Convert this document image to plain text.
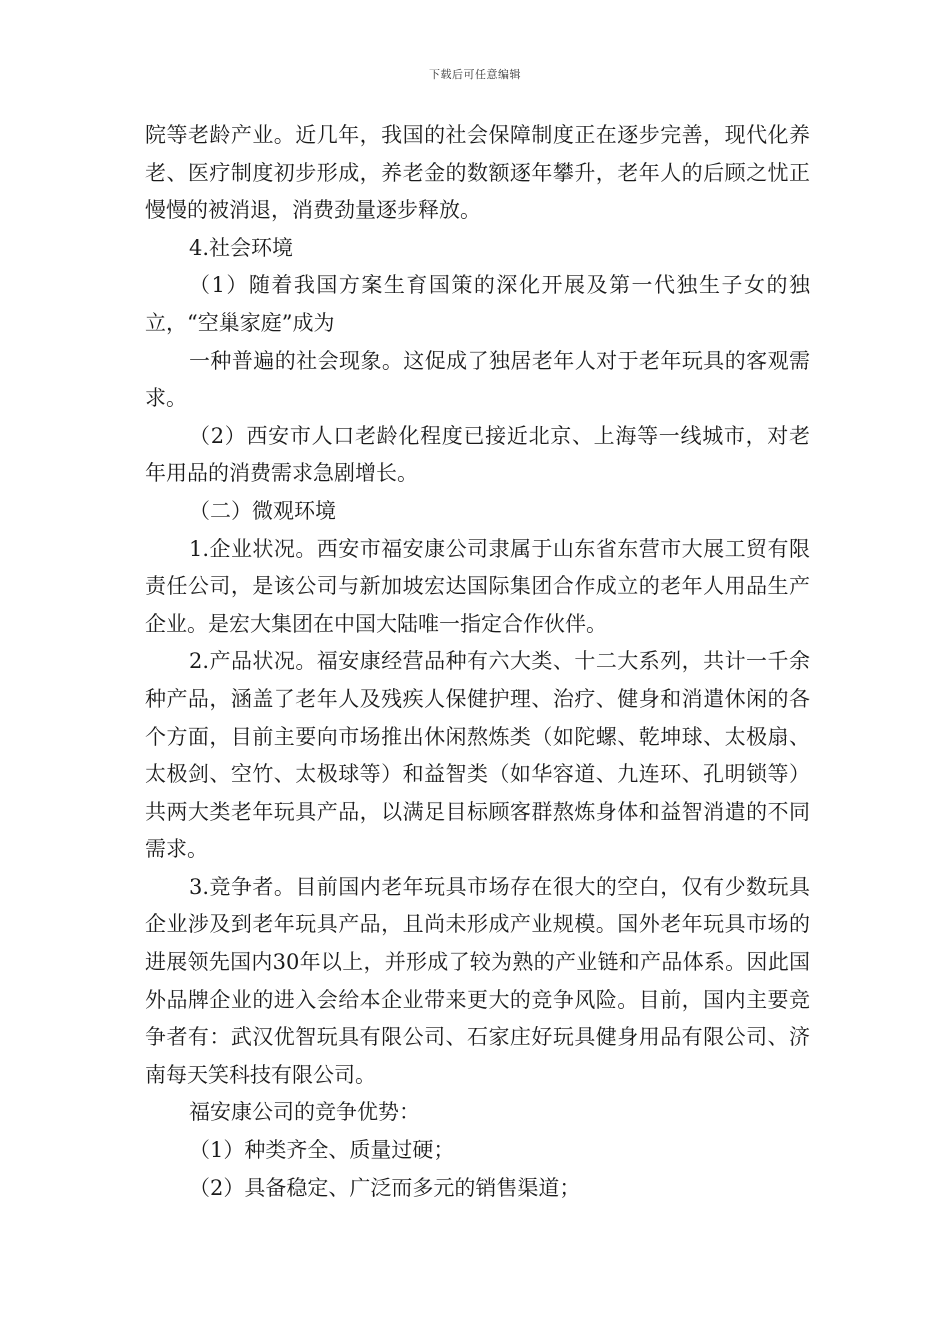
下载后可任意编辑

院等老龄产业。近几年，我国的社会保障制度正在逐步完善，现代化养老、医疗制度初步形成，养老金的数额逐年攀升，老年人的后顾之忧正慢慢的被消退，消费劲量逐步释放。

4.社会环境

（1）随着我国方案生育国策的深化开展及第一代独生子女的独立，“空巢家庭”成为

一种普遍的社会现象。这促成了独居老年人对于老年玩具的客观需求。

（2）西安市人口老龄化程度已接近北京、上海等一线城市，对老年用品的消费需求急剧增长。

（二）微观环境

1.企业状况。西安市福安康公司隶属于山东省东营市大展工贸有限责任公司，是该公司与新加坡宏达国际集团合作成立的老年人用品生产企业。是宏大集团在中国大陆唯一指定合作伙伴。

2.产品状况。福安康经营品种有六大类、十二大系列，共计一千余种产品，涵盖了老年人及残疾人保健护理、治疗、健身和消遣休闲的各个方面，目前主要向市场推出休闲熬炼类（如陀螺、乾坤球、太极扇、太极剑、空竹、太极球等）和益智类（如华容道、九连环、孔明锁等）共两大类老年玩具产品，以满足目标顾客群熬炼身体和益智消遣的不同需求。

3.竞争者。目前国内老年玩具市场存在很大的空白，仅有少数玩具企业涉及到老年玩具产品，且尚未形成产业规模。国外老年玩具市场的进展领先国内30年以上，并形成了较为熟的产业链和产品体系。因此国外品牌企业的进入会给本企业带来更大的竞争风险。目前，国内主要竞争者有：武汉优智玩具有限公司、石家庄好玩具健身用品有限公司、济南每天笑科技有限公司。

福安康公司的竞争优势：

（1）种类齐全、质量过硬；

（2）具备稳定、广泛而多元的销售渠道；
